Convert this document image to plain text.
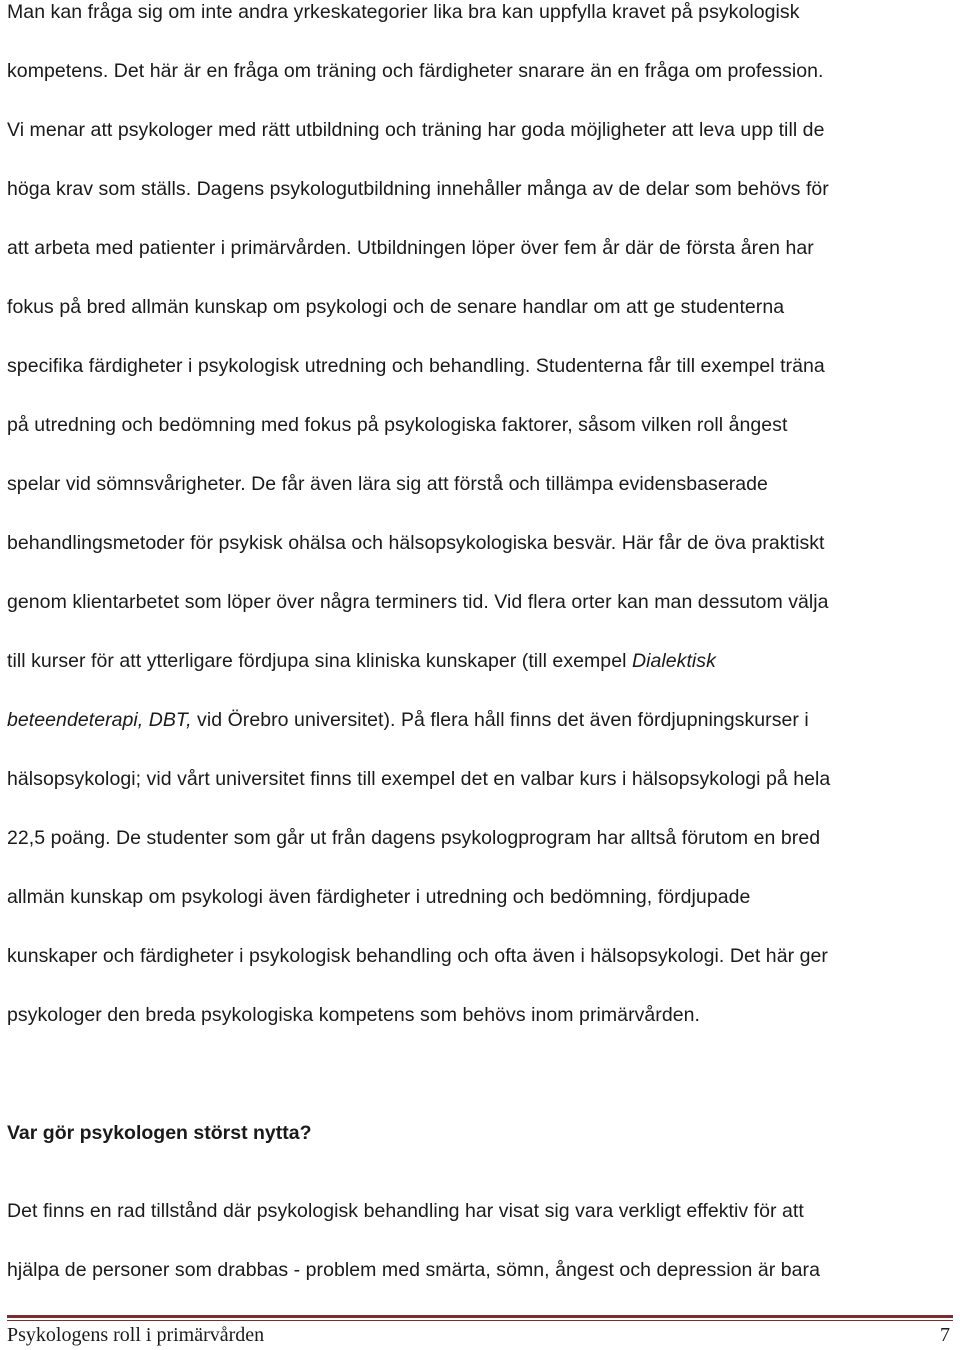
Man kan fråga sig om inte andra yrkeskategorier lika bra kan uppfylla kravet på psykologisk
kompetens. Det här är en fråga om träning och färdigheter snarare än en fråga om profession.
Vi menar att psykologer med rätt utbildning och träning har goda möjligheter att leva upp till de
höga krav som ställs. Dagens psykologutbildning innehåller många av de delar som behövs för
att arbeta med patienter i primärvården. Utbildningen löper över fem år där de första åren har
fokus på bred allmän kunskap om psykologi och de senare handlar om att ge studenterna
specifika färdigheter i psykologisk utredning och behandling. Studenterna får till exempel träna
på utredning och bedömning med fokus på psykologiska faktorer, såsom vilken roll ångest
spelar vid sömnsvårigheter. De får även lära sig att förstå och tillämpa evidensbaserade
behandlingsmetoder för psykisk ohälsa och hälsopsykologiska besvär. Här får de öva praktiskt
genom klientarbetet som löper över några terminers tid. Vid flera orter kan man dessutom välja
till kurser för att ytterligare fördjupa sina kliniska kunskaper (till exempel Dialektisk
beteendeterapi, DBT, vid Örebro universitet). På flera håll finns det även fördjupningskurser i
hälsopsykologi; vid vårt universitet finns till exempel det en valbar kurs i hälsopsykologi på hela
22,5 poäng. De studenter som går ut från dagens psykologprogram har alltså förutom en bred
allmän kunskap om psykologi även färdigheter i utredning och bedömning, fördjupade
kunskaper och färdigheter i psykologisk behandling och ofta även i hälsopsykologi. Det här ger
psykologer den breda psykologiska kompetens som behövs inom primärvården.
Var gör psykologen störst nytta?
Det finns en rad tillstånd där psykologisk behandling har visat sig vara verkligt effektiv för att
hjälpa de personer som drabbas - problem med smärta, sömn, ångest och depression är bara
Psykologens roll i primärvården	7
